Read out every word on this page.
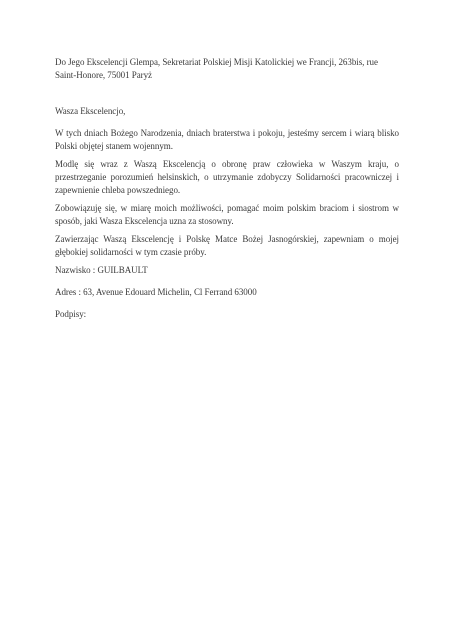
Do Jego Ekscelencji Glempa, Sekretariat Polskiej Misji Katolickiej we Francji, 263bis, rue Saint-Honore, 75001 Paryż

Wasza Ekscelencjo,

W tych dniach Bożego Narodzenia, dniach braterstwa i pokoju, jesteśmy sercem i wiarą blisko Polski objętej stanem wojennym.

Modlę się wraz z Waszą Ekscelencją o obronę praw człowieka w Waszym kraju, o przestrzeganie porozumień helsinskich, o utrzymanie zdobyczy Solidarności pracowniczej i zapewnienie chleba powszedniego.

Zobowiązuję się, w miarę moich możliwości, pomagać moim polskim braciom i siostrom w sposób, jaki Wasza Ekscelencja uzna za stosowny.

Zawierzając Waszą Ekscelencję i Polskę Matce Bożej Jasnogórskiej, zapewniam o mojej głębokiej solidarności w tym czasie próby.

Nazwisko : GUILBAULT

Adres : 63, Avenue Edouard Michelin, Cl Ferrand 63000

Podpisy:
